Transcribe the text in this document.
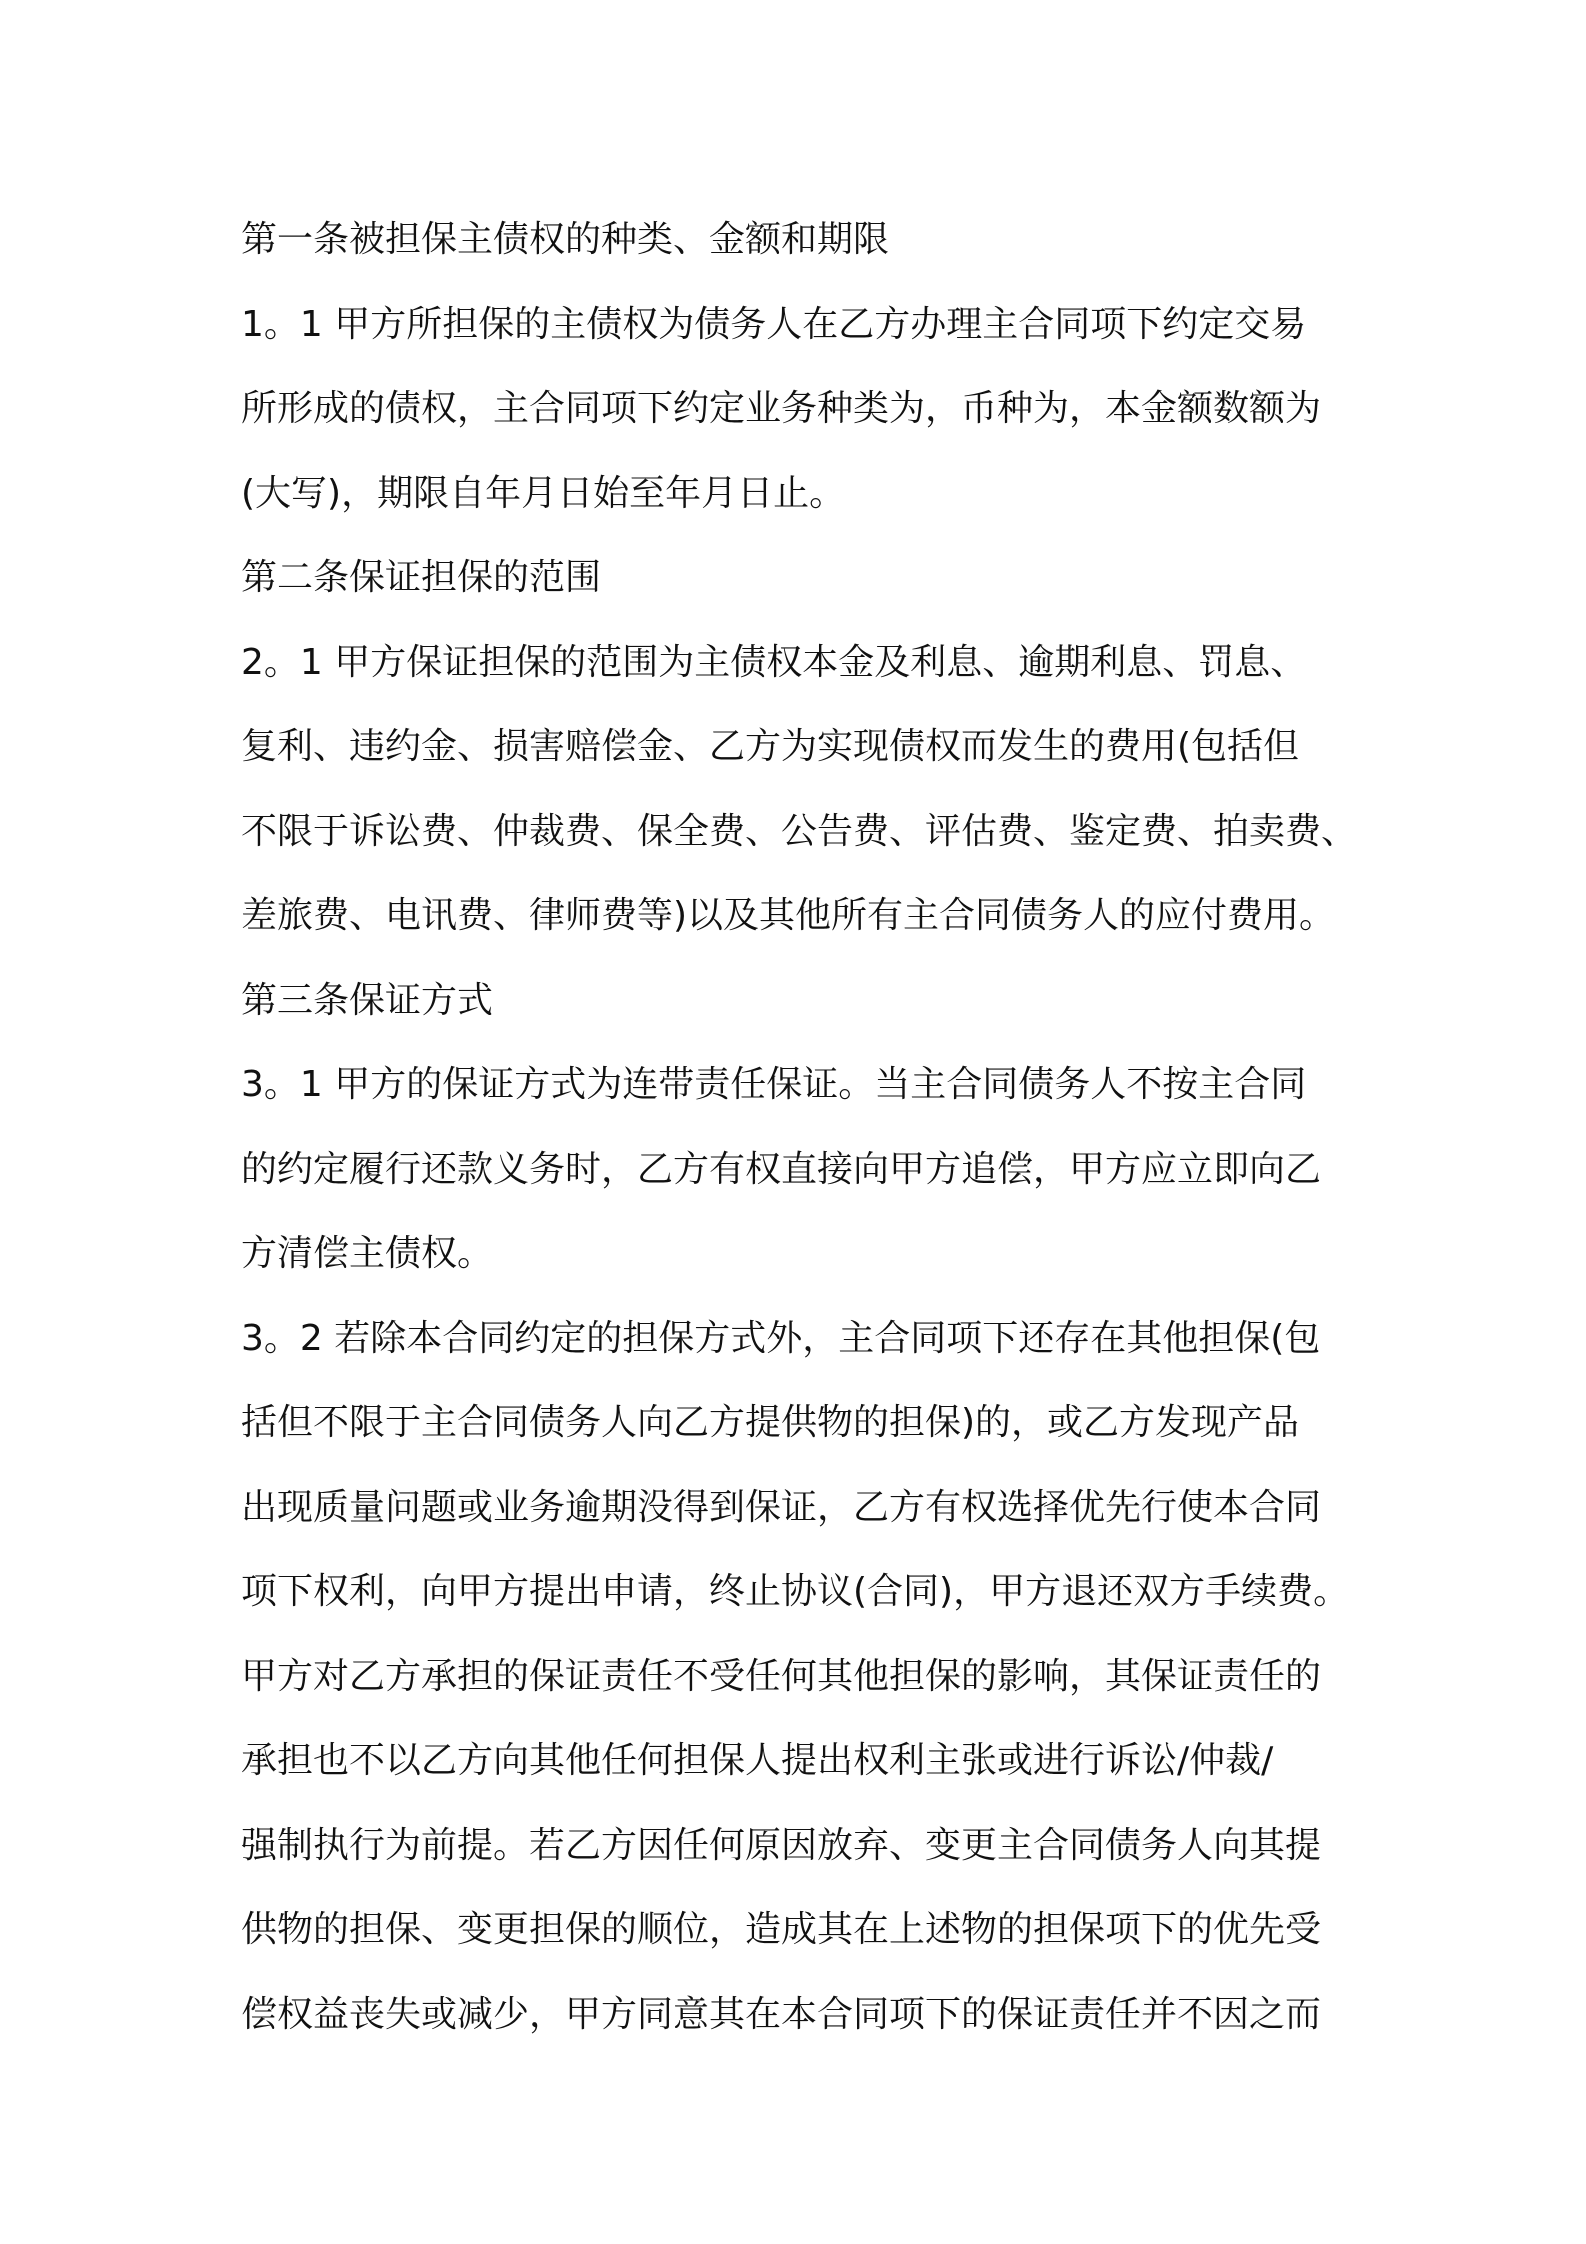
第一条被担保主债权的种类、金额和期限
1。1 甲方所担保的主债权为债务人在乙方办理主合同项下约定交易
所形成的债权，主合同项下约定业务种类为，币种为，本金额数额为
(大写)，期限自年月日始至年月日止。
第二条保证担保的范围
2。1 甲方保证担保的范围为主债权本金及利息、逾期利息、罚息、
复利、违约金、损害赔偿金、乙方为实现债权而发生的费用(包括但
不限于诉讼费、仲裁费、保全费、公告费、评估费、鉴定费、拍卖费、
差旅费、电讯费、律师费等)以及其他所有主合同债务人的应付费用。
第三条保证方式
3。1 甲方的保证方式为连带责任保证。当主合同债务人不按主合同
的约定履行还款义务时，乙方有权直接向甲方追偿，甲方应立即向乙
方清偿主债权。
3。2 若除本合同约定的担保方式外，主合同项下还存在其他担保(包
括但不限于主合同债务人向乙方提供物的担保)的，或乙方发现产品
出现质量问题或业务逾期没得到保证，乙方有权选择优先行使本合同
项下权利，向甲方提出申请，终止协议(合同)，甲方退还双方手续费。
甲方对乙方承担的保证责任不受任何其他担保的影响，其保证责任的
承担也不以乙方向其他任何担保人提出权利主张或进行诉讼/仲裁/
强制执行为前提。若乙方因任何原因放弃、变更主合同债务人向其提
供物的担保、变更担保的顺位，造成其在上述物的担保项下的优先受
偿权益丧失或减少，甲方同意其在本合同项下的保证责任并不因之而
